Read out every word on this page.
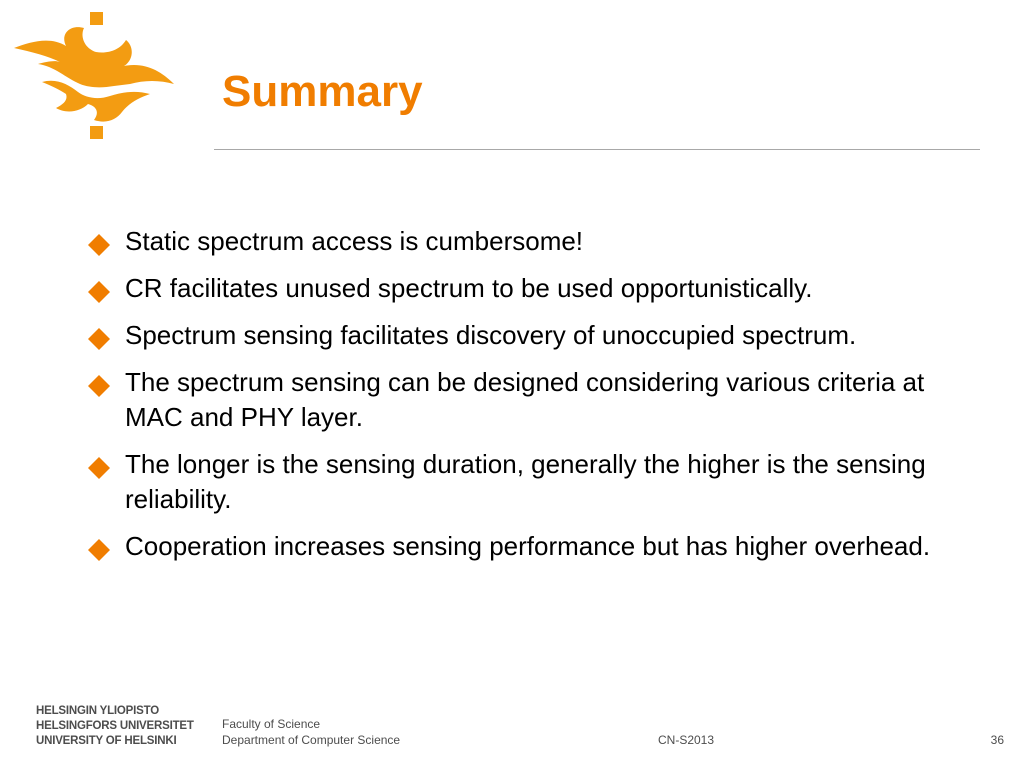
Summary
Static spectrum access is cumbersome!
CR facilitates unused spectrum to be used opportunistically.
Spectrum sensing facilitates discovery of unoccupied spectrum.
The spectrum sensing can be designed considering various criteria at MAC and PHY layer.
The longer is the sensing duration, generally the higher is the sensing reliability.
Cooperation increases sensing performance but has higher overhead.
HELSINGIN YLIOPISTO
HELSINGFORS UNIVERSITET
UNIVERSITY OF HELSINKI
Faculty of Science
Department of Computer Science	CN-S2013	36
